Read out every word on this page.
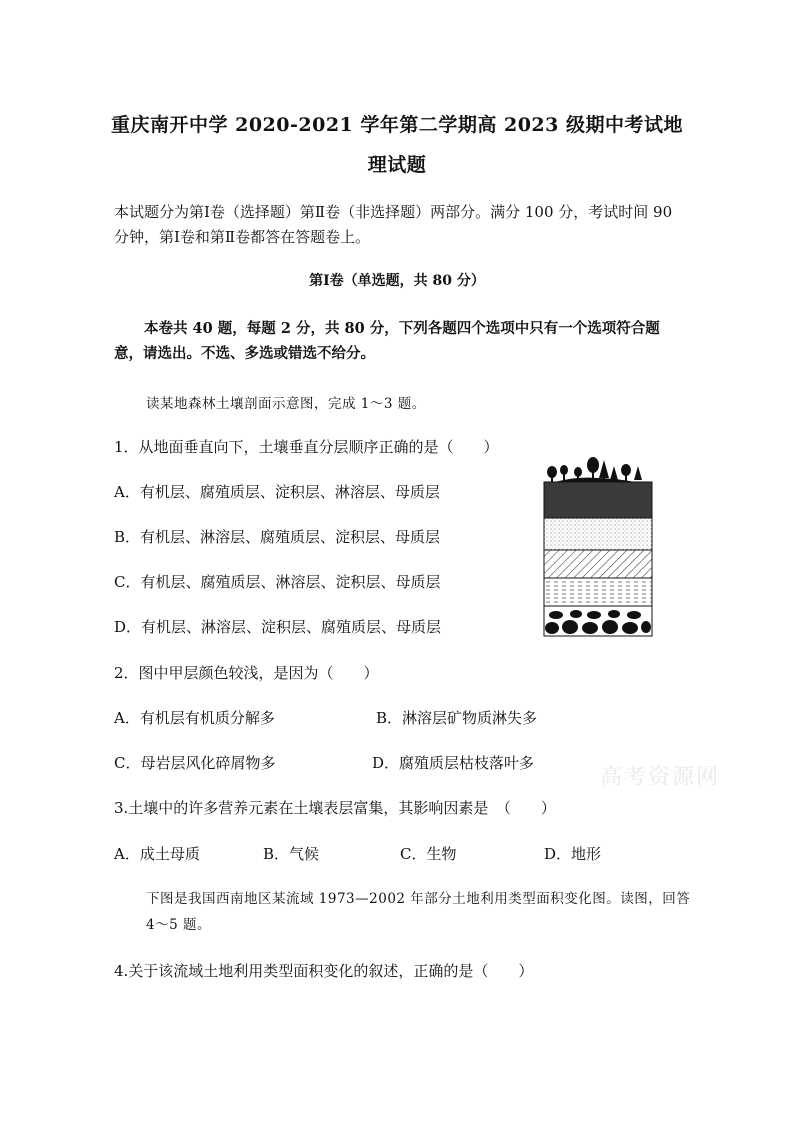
重庆南开中学 2020-2021 学年第二学期高 2023 级期中考试地
理试题
本试题分为第Ⅰ卷（选择题）第Ⅱ卷（非选择题）两部分。满分 100 分，考试时间 90 分钟，第Ⅰ卷和第Ⅱ卷都答在答题卷上。
第Ⅰ卷（单选题，共 80 分）
本卷共 40 题，每题 2 分，共 80 分，下列各题四个选项中只有一个选项符合题意，请选出。不选、多选或错选不给分。
读某地森林土壤剖面示意图，完成 1～3 题。
1．从地面垂直向下，土壤垂直分层顺序正确的是（　　）
A．有机层、腐殖质层、淀积层、淋溶层、母质层
B．有机层、淋溶层、腐殖质层、淀积层、母质层
C．有机层、腐殖质层、淋溶层、淀积层、母质层
D．有机层、淋溶层、淀积层、腐殖质层、母质层
2．图中甲层颜色较浅，是因为（　　）
A．有机层有机质分解多	B．淋溶层矿物质淋失多
C．母岩层风化碎屑物多	D．腐殖质层枯枝落叶多
高考资源网
3.土壤中的许多营养元素在土壤表层富集，其影响因素是　（　　）
A．成土母质	B．气候	C．生物	D．地形
下图是我国西南地区某流域 1973—2002 年部分土地利用类型面积变化图。读图，回答 4～5 题。
4.关于该流域土地利用类型面积变化的叙述，正确的是（　　）
